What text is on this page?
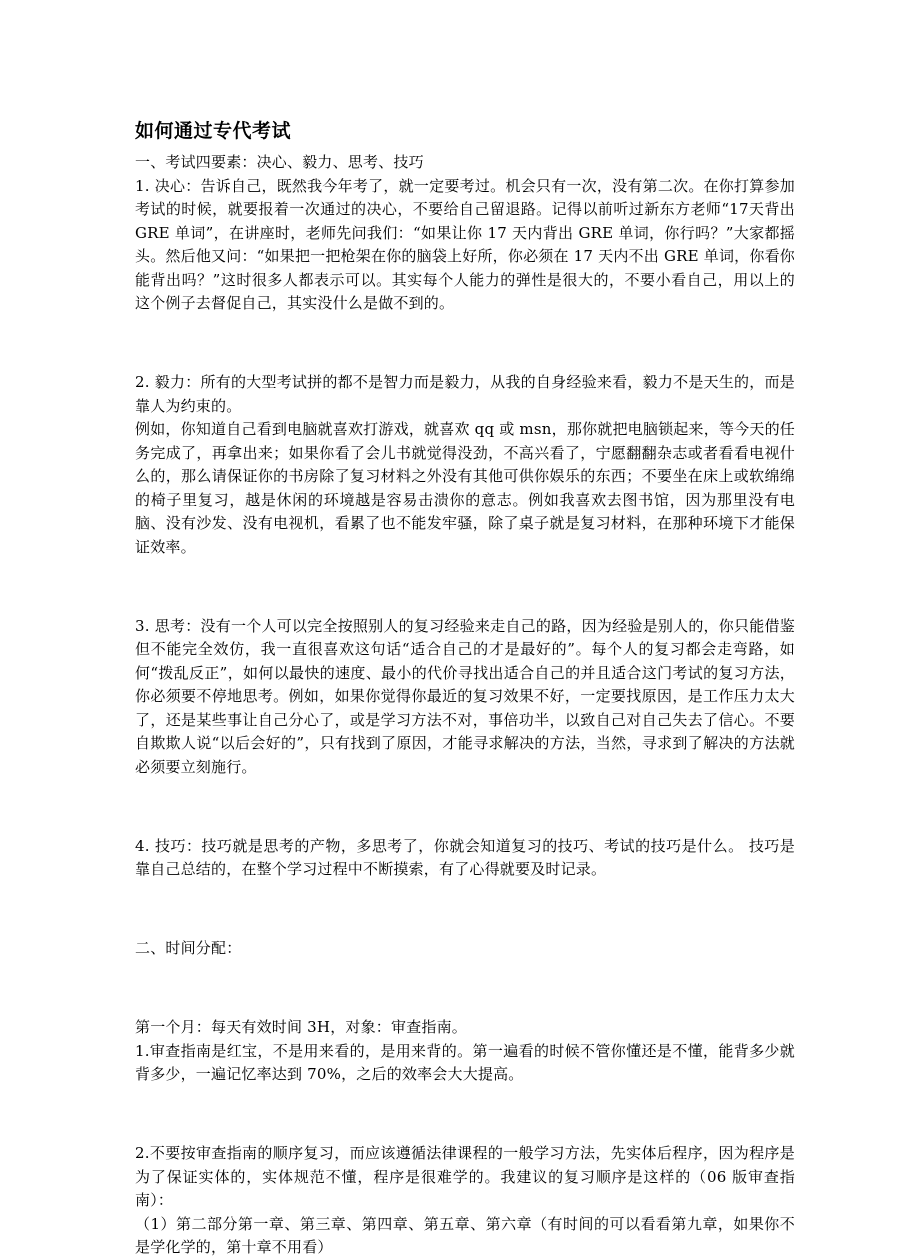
如何通过专代考试

一、考试四要素：决心、毅力、思考、技巧

1. 决心：告诉自己，既然我今年考了，就一定要考过。机会只有一次，没有第二次。在你打算参加考试的时候，就要报着一次通过的决心，不要给自己留退路。记得以前听过新东方老师“17天背出 GRE 单词”，在讲座时，老师先问我们：“如果让你 17 天内背出 GRE 单词，你行吗？”大家都摇头。然后他又问：“如果把一把枪架在你的脑袋上好所，你必须在 17 天内不出 GRE 单词，你看你能背出吗？”这时很多人都表示可以。其实每个人能力的弹性是很大的，不要小看自己，用以上的这个例子去督促自己，其实没什么是做不到的。

2. 毅力：所有的大型考试拼的都不是智力而是毅力，从我的自身经验来看，毅力不是天生的，而是靠人为约束的。

例如，你知道自己看到电脑就喜欢打游戏，就喜欢 qq 或 msn，那你就把电脑锁起来，等今天的任务完成了，再拿出来；如果你看了会儿书就觉得没劲，不高兴看了，宁愿翻翻杂志或者看看电视什么的，那么请保证你的书房除了复习材料之外没有其他可供你娱乐的东西；不要坐在床上或软绵绵的椅子里复习，越是休闲的环境越是容易击溃你的意志。例如我喜欢去图书馆，因为那里没有电脑、没有沙发、没有电视机，看累了也不能发牢骚，除了桌子就是复习材料，在那种环境下才能保证效率。

3. 思考：没有一个人可以完全按照别人的复习经验来走自己的路，因为经验是别人的，你只能借鉴但不能完全效仿，我一直很喜欢这句话“适合自己的才是最好的”。每个人的复习都会走弯路，如何“拨乱反正”，如何以最快的速度、最小的代价寻找出适合自己的并且适合这门考试的复习方法，你必须要不停地思考。例如，如果你觉得你最近的复习效果不好，一定要找原因，是工作压力太大了，还是某些事让自己分心了，或是学习方法不对，事倍功半，以致自己对自己失去了信心。不要自欺欺人说“以后会好的”，只有找到了原因，才能寻求解决的方法，当然，寻求到了解决的方法就必须要立刻施行。

4. 技巧：技巧就是思考的产物，多思考了，你就会知道复习的技巧、考试的技巧是什么。 技巧是靠自己总结的，在整个学习过程中不断摸索，有了心得就要及时记录。

二、时间分配：

第一个月：每天有效时间 3H，对象：审查指南。

1.审查指南是红宝，不是用来看的，是用来背的。第一遍看的时候不管你懂还是不懂，能背多少就背多少，一遍记忆率达到 70%，之后的效率会大大提高。

2.不要按审查指南的顺序复习，而应该遵循法律课程的一般学习方法，先实体后程序，因为程序是为了保证实体的，实体规范不懂，程序是很难学的。我建议的复习顺序是这样的（06 版审查指南）：

（1）第二部分第一章、第三章、第四章、第五章、第六章（有时间的可以看看第九章，如果你不是学化学的，第十章不用看）
